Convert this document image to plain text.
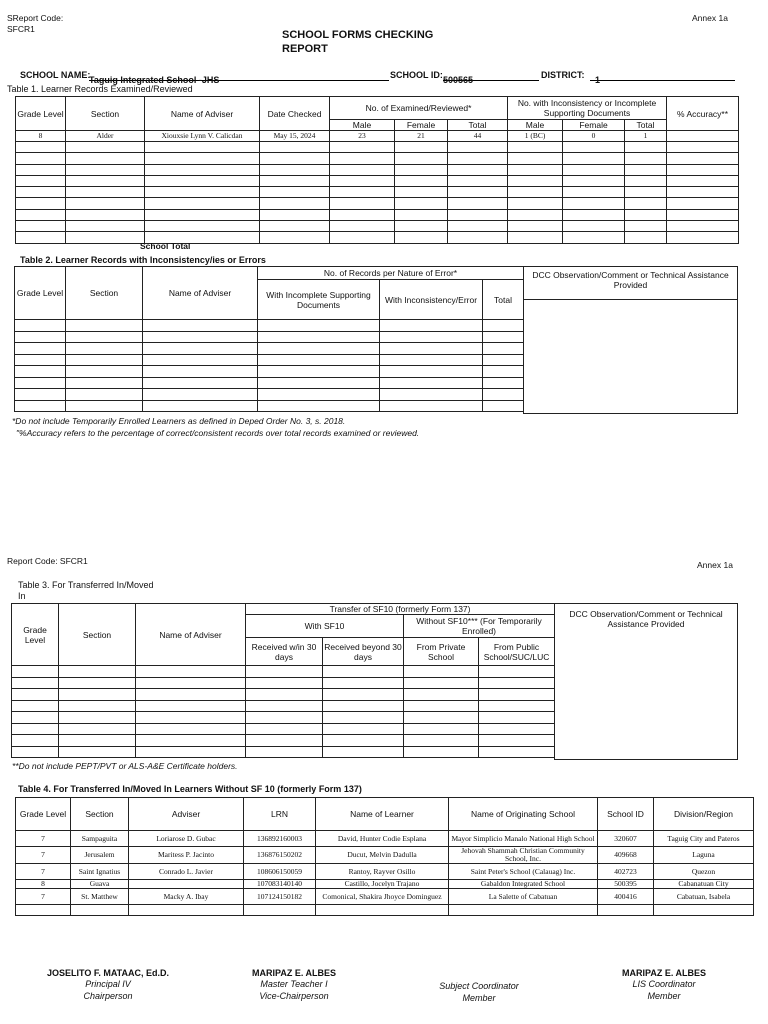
SReport Code:
SFCR1
Annex 1a
SCHOOL FORMS CHECKING
REPORT
SCHOOL NAME:
Taguig Integrated School -JHS	SCHOOL ID: 500565	DISTRICT:	1
Table 1. Learner Records Examined/Reviewed
Grade Level	Section	Name of Adviser	Date Checked	No. of Examined/Reviewed*			No. with Inconsistency or Incomplete Supporting Documents			% Accuracy**
				Male	Female	Total	Male	Female	Total	
8	Alder	Xiouxsie Lynn V. Calicdan	May 15, 2024	23	21	44	1 (BC)	0	1	

School Total
Table 2. Learner Records with Inconsistency/ies or Errors
Grade Level	Section	Name of Adviser	No. of Records per Nature of Error*		
			With Incomplete Supporting Documents	With Inconsistency/Error	Total

DCC Observation/Comment or Technical Assistance Provided
*Do not include Temporarily Enrolled Learners as defined in Deped Order No. 3, s. 2018.
"%Accuracy refers to the percentage of correct/consistent records over total records examined or reviewed.
Report Code: SFCR1	Annex 1a
Table 3. For Transferred In/Moved
In
Grade Level	Section	Name of Adviser	Transfer of SF10 (formerly Form 137)			
			With SF10		Without SF10*** (For Temporarily Enrolled)	
			Received w/in 30 days	Received beyond 30 days	From Private School	From Public School/SUC/LUC

DCC Observation/Comment or Technical Assistance Provided
**Do not include PEPT/PVT or ALS-A&E Certificate holders.
Table 4. For Transferred In/Moved In Learners Without SF 10 (formerly Form 137)
Grade Level	Section	Adviser	LRN	Name of Learner	Name of Originating School	School ID	Division/Region
7	Sampaguita	Loriarose D. Gubac	136892160003	David, Hunter Codie Esplana	Mayor Simplicio Manalo National High School	320607	Taguig City and Pateros
7	Jerusalem	Maritess P. Jacinto	136876150202	Ducut, Melvin Dadulla	Jehovah Shammah Christian Community School, Inc.	409668	Laguna
7	Saint Ignatius	Conrado L. Javier	108606150059	Rantoy, Rayver Osillo	Saint Peter's School (Calauag) Inc.	402723	Quezon
8	Guava		107083140140	Castillo, Jocelyn Trajano	Gabaldon Integrated School	500395	Cabanatuan City
7	St. Matthew	Macky A. Ibay	107124150182	Comonical, Shakira Jhoyce Dominguez	La Salette of Cabatuan	400416	Cabatuan, Isabela

JOSELITO F. MATAAC, Ed.D.
Principal IV
Chairperson
MARIPAZ E. ALBES
Master Teacher I
Vice-Chairperson
Subject Coordinator
Member
MARIPAZ E. ALBES
LIS Coordinator
Member
